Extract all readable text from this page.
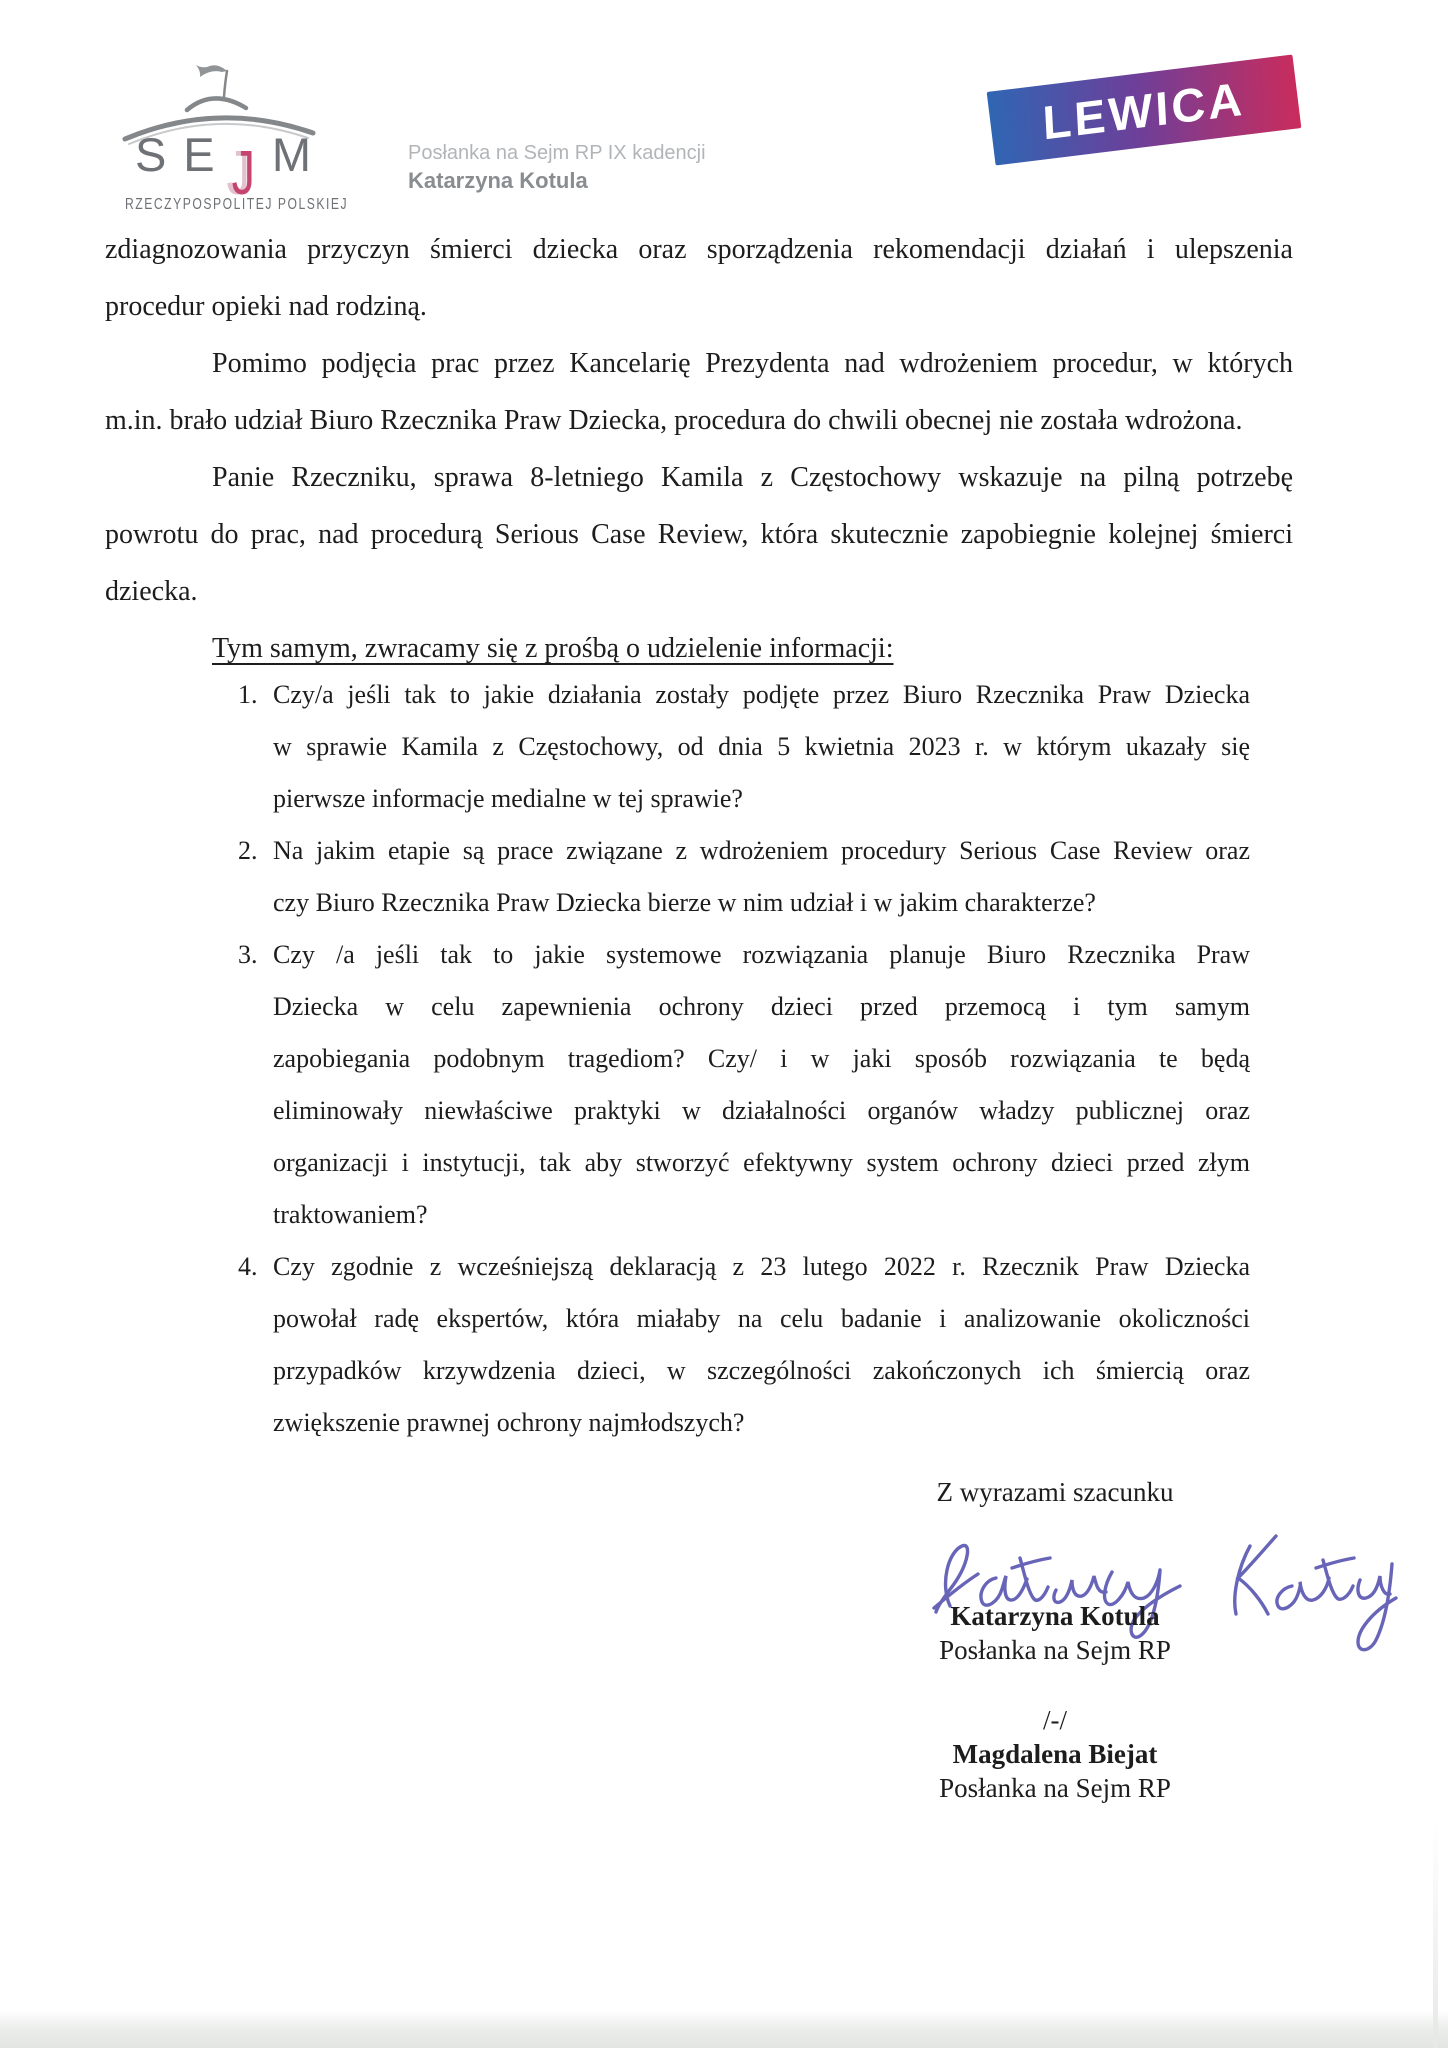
S E J M
RZECZYPOSPOLITEJ POLSKIEJ
Posłanka na Sejm RP IX kadencji
Katarzyna Kotula
LEWICA
zdiagnozowania przyczyn śmierci dziecka oraz sporządzenia rekomendacji działań i ulepszenia
procedur opieki nad rodziną.
Pomimo podjęcia prac przez Kancelarię Prezydenta nad wdrożeniem procedur, w których
m.in. brało udział Biuro Rzecznika Praw Dziecka, procedura do chwili obecnej nie została wdrożona.
Panie Rzeczniku, sprawa 8-letniego Kamila z Częstochowy wskazuje na pilną potrzebę
powrotu do prac, nad procedurą Serious Case Review, która skutecznie zapobiegnie kolejnej śmierci
dziecka.
Tym samym, zwracamy się z prośbą o udzielenie informacji:
1. Czy/a jeśli tak to jakie działania zostały podjęte przez Biuro Rzecznika Praw Dziecka
w sprawie Kamila z Częstochowy, od dnia 5 kwietnia 2023 r. w którym ukazały się
pierwsze informacje medialne w tej sprawie?
2. Na jakim etapie są prace związane z wdrożeniem procedury Serious Case Review oraz
czy Biuro Rzecznika Praw Dziecka bierze w nim udział i w jakim charakterze?
3. Czy /a jeśli tak to jakie systemowe rozwiązania planuje Biuro Rzecznika Praw
Dziecka w celu zapewnienia ochrony dzieci przed przemocą i tym samym
zapobiegania podobnym tragediom? Czy/ i w jaki sposób rozwiązania te będą
eliminowały niewłaściwe praktyki w działalności organów władzy publicznej oraz
organizacji i instytucji, tak aby stworzyć efektywny system ochrony dzieci przed złym
traktowaniem?
4. Czy zgodnie z wcześniejszą deklaracją z 23 lutego 2022 r. Rzecznik Praw Dziecka
powołał radę ekspertów, która miałaby na celu badanie i analizowanie okoliczności
przypadków krzywdzenia dzieci, w szczególności zakończonych ich śmiercią oraz
zwiększenie prawnej ochrony najmłodszych?
Z wyrazami szacunku
Katarzyna Kotula
Posłanka na Sejm RP
/-/
Magdalena Biejat
Posłanka na Sejm RP
